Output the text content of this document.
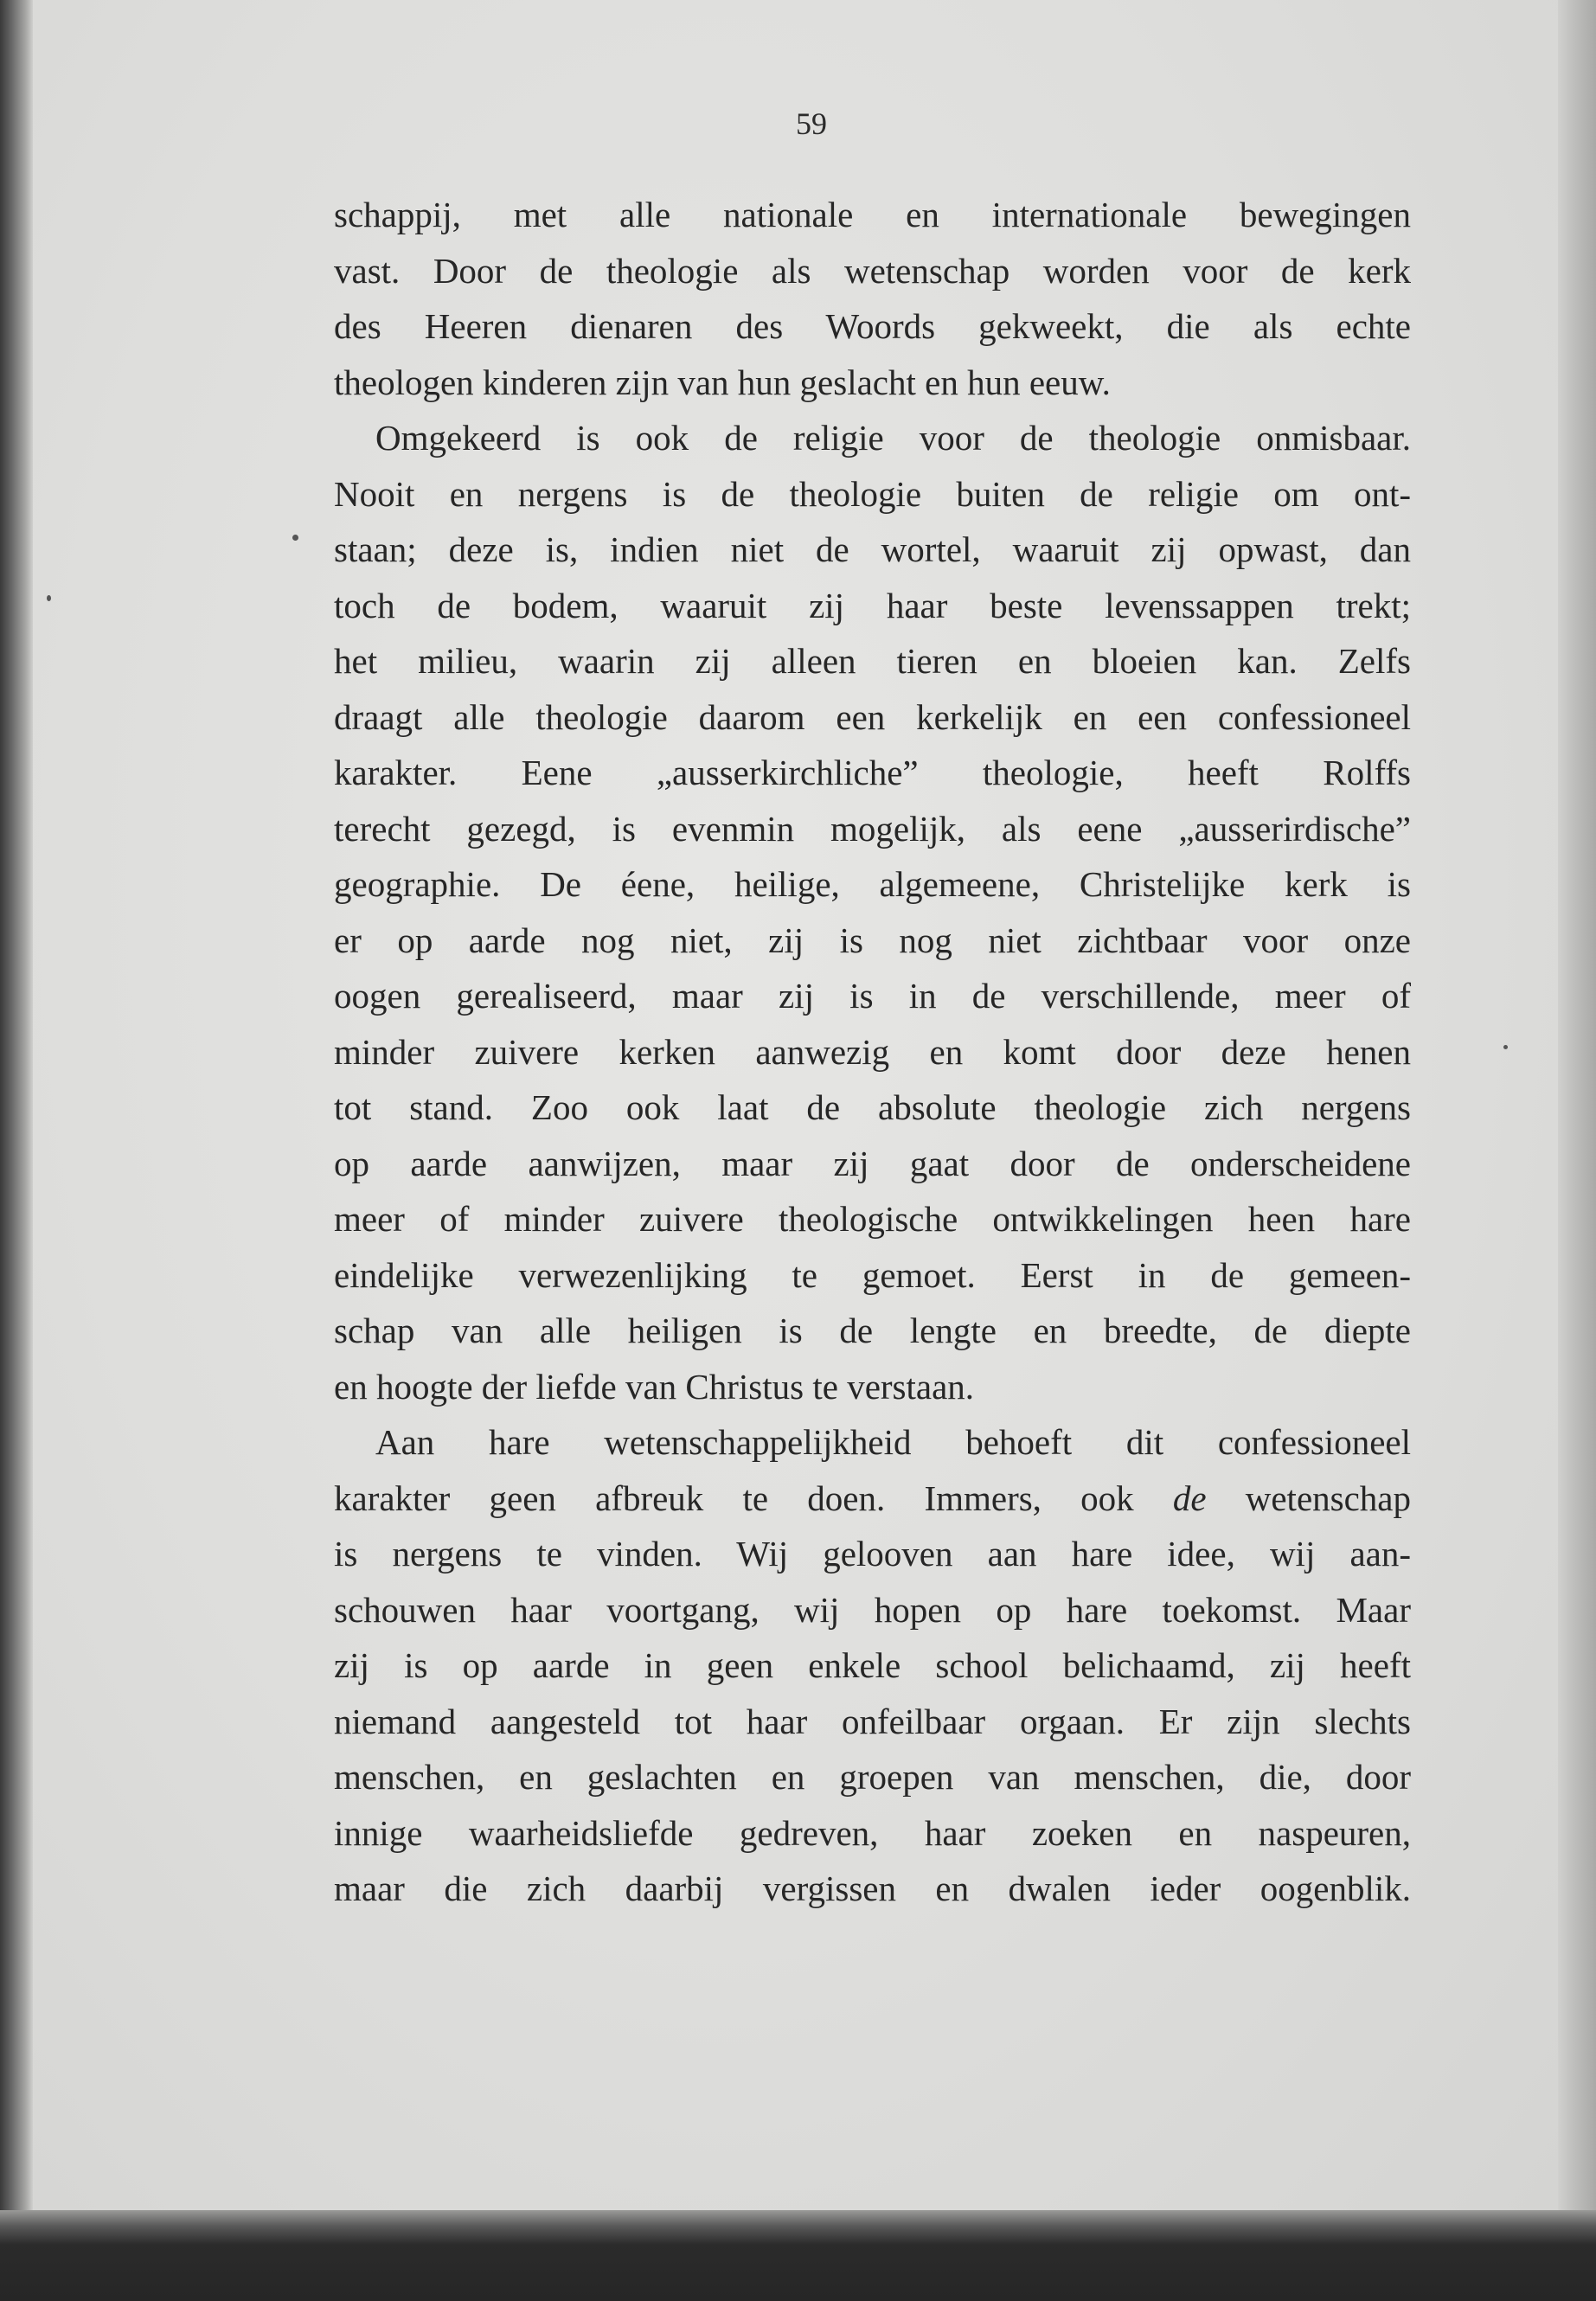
59
schappij, met alle nationale en internationale bewegingen
vast. Door de theologie als wetenschap worden voor de kerk
des Heeren dienaren des Woords gekweekt, die als echte
theologen kinderen zijn van hun geslacht en hun eeuw.
Omgekeerd is ook de religie voor de theologie onmisbaar.
Nooit en nergens is de theologie buiten de religie om ont-
staan; deze is, indien niet de wortel, waaruit zij opwast, dan
toch de bodem, waaruit zij haar beste levenssappen trekt;
het milieu, waarin zij alleen tieren en bloeien kan. Zelfs
draagt alle theologie daarom een kerkelijk en een confessioneel
karakter. Eene „ausserkirchliche” theologie, heeft Rolffs
terecht gezegd, is evenmin mogelijk, als eene „ausserirdische”
geographie. De éene, heilige, algemeene, Christelijke kerk is
er op aarde nog niet, zij is nog niet zichtbaar voor onze
oogen gerealiseerd, maar zij is in de verschillende, meer of
minder zuivere kerken aanwezig en komt door deze henen
tot stand. Zoo ook laat de absolute theologie zich nergens
op aarde aanwijzen, maar zij gaat door de onderscheidene
meer of minder zuivere theologische ontwikkelingen heen hare
eindelijke verwezenlijking te gemoet. Eerst in de gemeen-
schap van alle heiligen is de lengte en breedte, de diepte
en hoogte der liefde van Christus te verstaan.
Aan hare wetenschappelijkheid behoeft dit confessioneel
karakter geen afbreuk te doen. Immers, ook de wetenschap
is nergens te vinden. Wij gelooven aan hare idee, wij aan-
schouwen haar voortgang, wij hopen op hare toekomst. Maar
zij is op aarde in geen enkele school belichaamd, zij heeft
niemand aangesteld tot haar onfeilbaar orgaan. Er zijn slechts
menschen, en geslachten en groepen van menschen, die, door
innige waarheidsliefde gedreven, haar zoeken en naspeuren,
maar die zich daarbij vergissen en dwalen ieder oogenblik.
